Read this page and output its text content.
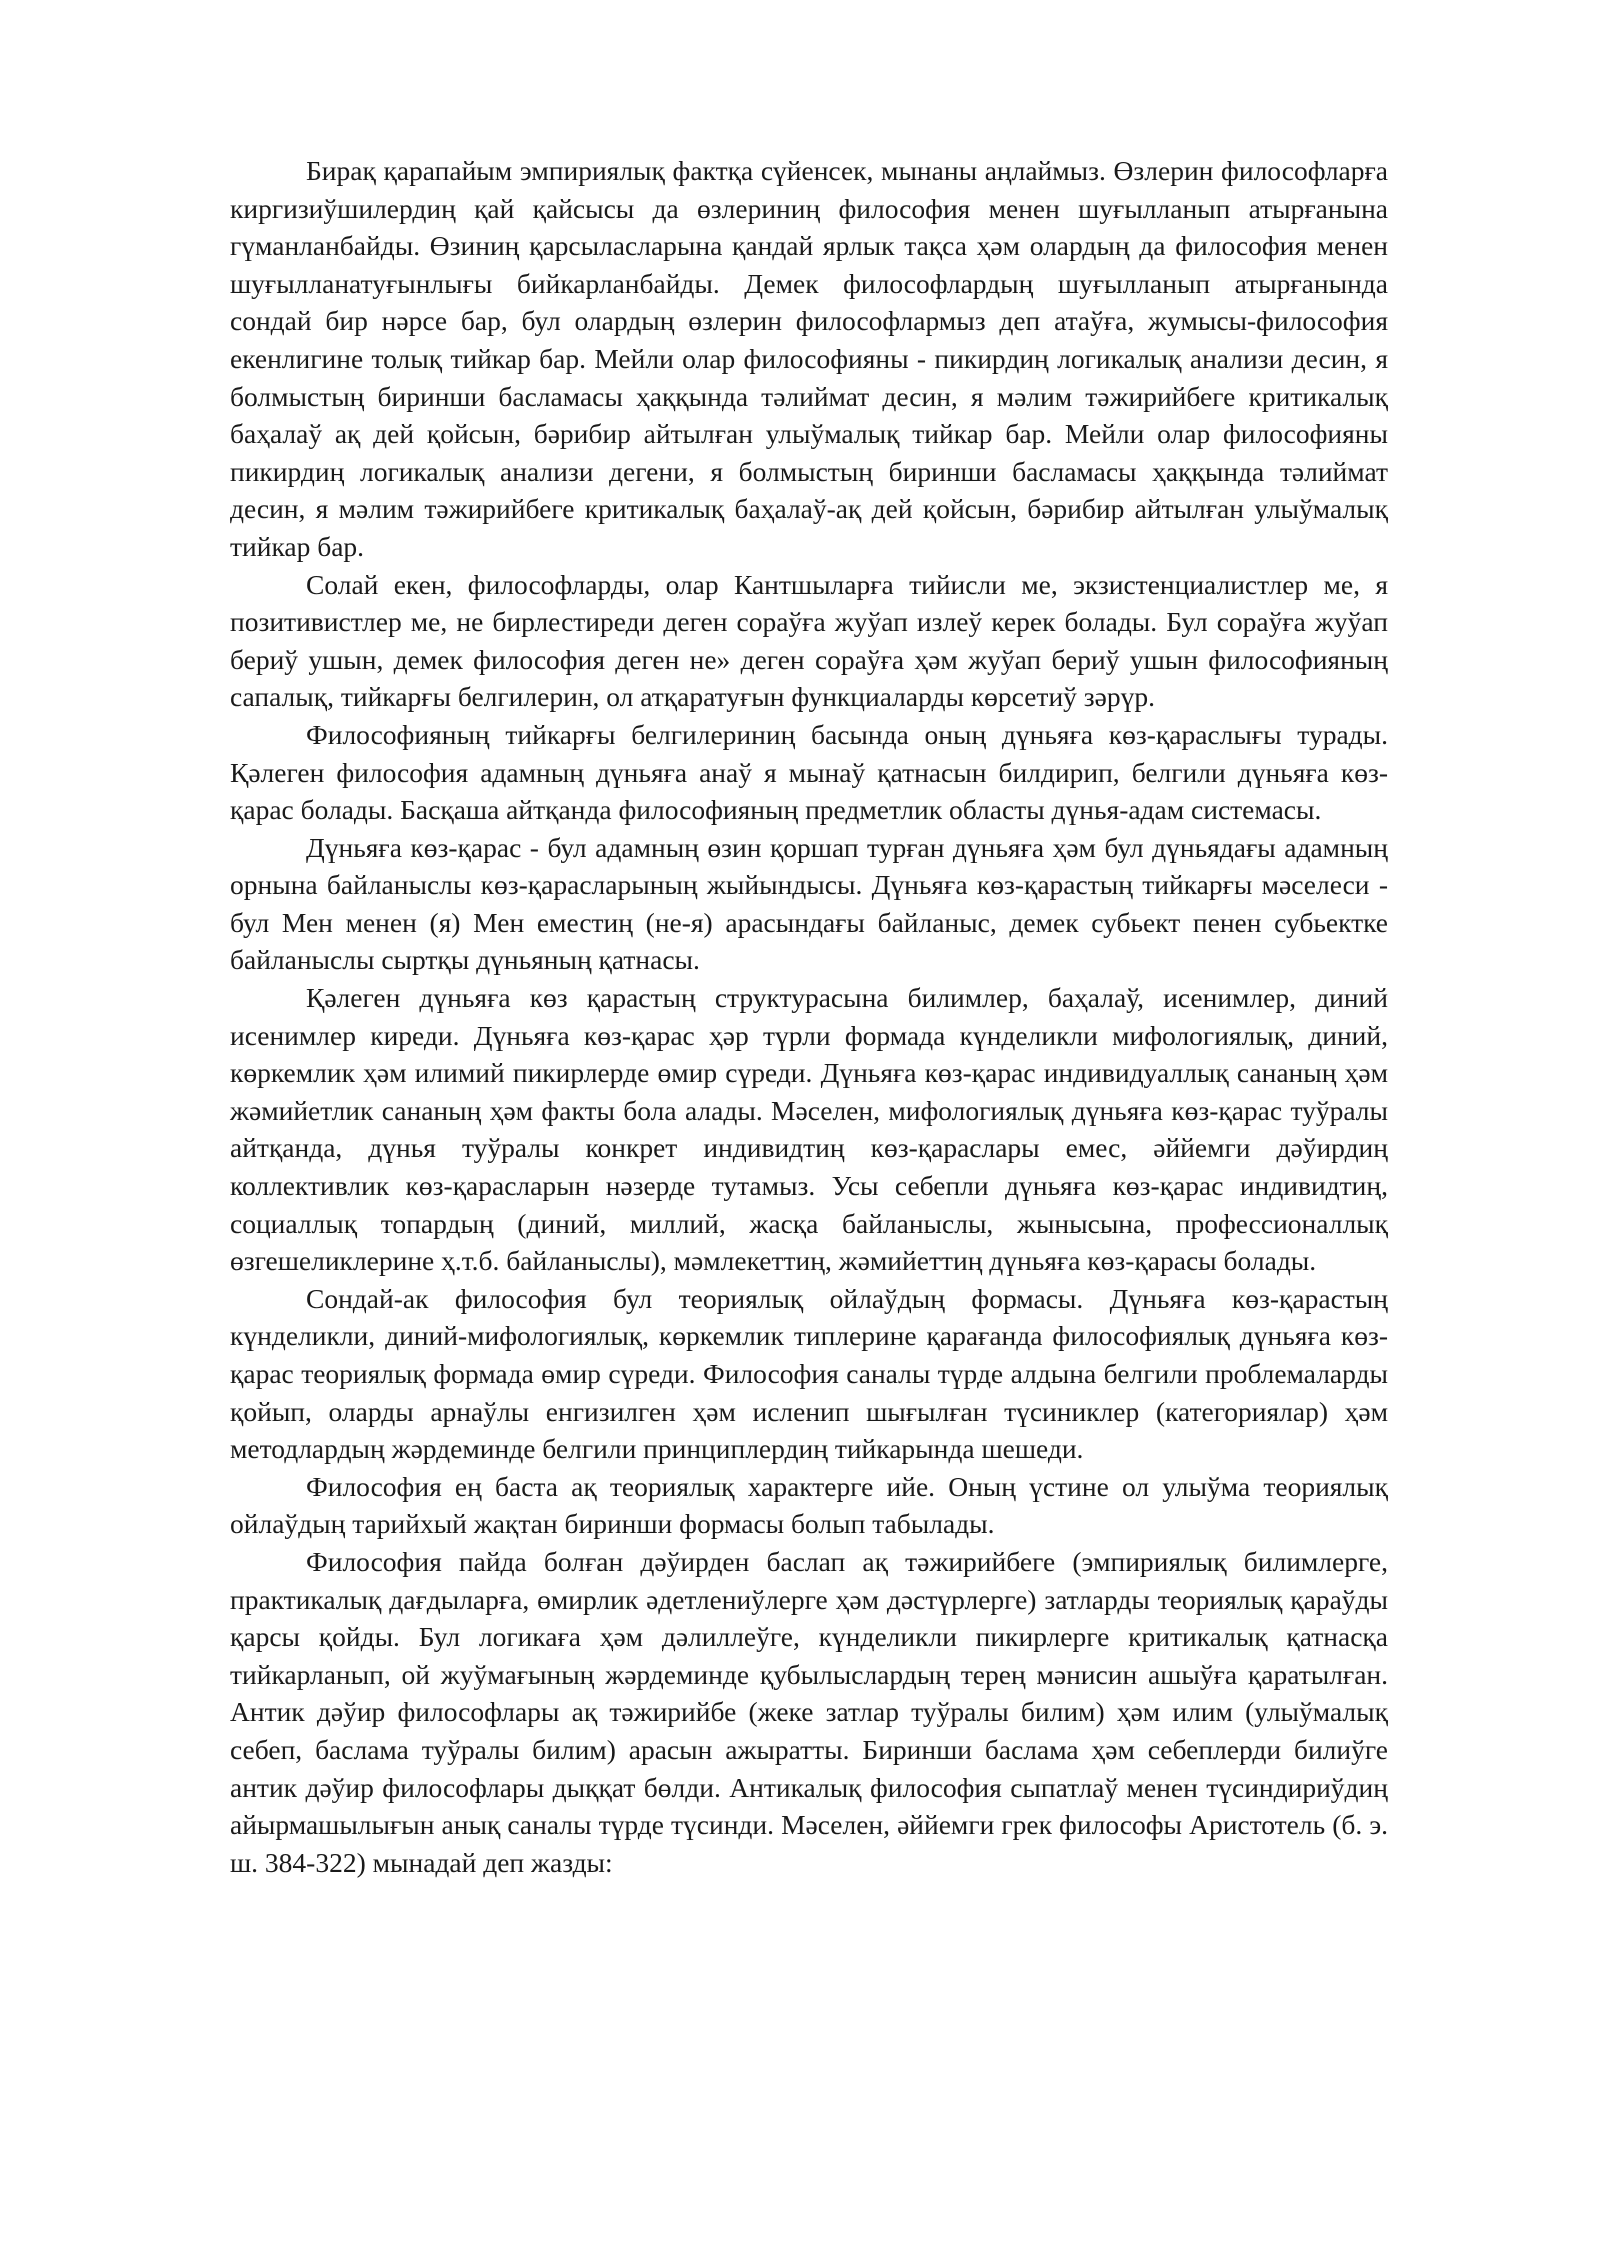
Бирақ қарапайым эмпириялық фактқа сүйенсек, мынаны аңлаймыз. Өзлерин философларға киргизиўшилердиң қай қайсысы да өзлериниң философия менен шуғылланып атырғанына гүманланбайды. Өзиниң қарсыласларына қандай ярлык тақса ҳәм олардың да философия менен шуғылланатуғынлығы бийкарланбайды. Демек философлардың шуғылланып атырғанында сондай бир нәрсе бар, бул олардың өзлерин философлармыз деп атаўға, жумысы-философия екенлигине толық тийкар бар. Мейли олар философияны - пикирдиң логикалық анализи десин, я болмыстың биринши басламасы ҳаққында тәлиймат десин, я мәлим тәжирийбеге критикалық баҳалаў ақ дей қойсын, бәрибир айтылған улыўмалық тийкар бар. Мейли олар философияны пикирдиң логикалық анализи дегени, я болмыстың биринши басламасы ҳаққында тәлиймат десин, я мәлим тәжирийбеге критикалық баҳалаў-ақ дей қойсын, бәрибир айтылған улыўмалық тийкар бар.

Солай екен, философларды, олар Кантшыларға тийисли ме, экзистенциалистлер ме, я позитивистлер ме, не бирлестиреди деген сораўға жуўап излеў керек болады. Бул сораўға жуўап бериў ушын, демек философия деген не» деген сораўға ҳәм жуўап бериў ушын философияның сапалық, тийкарғы белгилерин, ол атқаратуғын функциаларды көрсетиў зәрүр.

Философияның тийкарғы белгилериниң басында оның дүньяға көз-қараслығы турады. Қәлеген философия адамның дүньяға анаў я мынаў қатнасын билдирип, белгили дүньяға көз-қарас болады. Басқаша айтқанда философияның предметлик областы дүнья-адам системасы.

Дүньяға көз-қарас - бул адамның өзин қоршап турған дүньяға ҳәм бул дүньядағы адамның орнына байланыслы көз-қарасларының жыйындысы. Дүньяға көз-қарастың тийкарғы мәселеси - бул Мен менен (я) Мен еместиң (не-я) арасындағы байланыс, демек субьект пенен субьектке байланыслы сыртқы дүньяның қатнасы.

Қәлеген дүньяға көз қарастың структурасына билимлер, баҳалаў, исенимлер, диний исенимлер киреди. Дүньяға көз-қарас ҳәр түрли формада күнделикли мифологиялық, диний, көркемлик ҳәм илимий пикирлерде өмир сүреди. Дүньяға көз-қарас индивидуаллық сананың ҳәм жәмийетлик сананың ҳәм факты бола алады. Мәселен, мифологиялық дүньяға көз-қарас туўралы айтқанда, дүнья туўралы конкрет индивидтиң көз-қараслары емес, әййемги дәўирдиң коллективлик көз-қарасларын нәзерде тутамыз. Усы себепли дүньяға көз-қарас индивидтиң, социаллық топардың (диний, миллий, жасқа байланыслы, жынысына, профессионаллық өзгешеликлерине ҳ.т.б. байланыслы), мәмлекеттиң, жәмийеттиң дүньяға көз-қарасы болады.

Сондай-ак философия бул теориялық ойлаўдың формасы. Дүньяға көз-қарастың күнделикли, диний-мифологиялық, көркемлик типлерине қарағанда философиялық дүньяға көз-қарас теориялық формада өмир сүреди. Философия саналы түрде алдына белгили проблемаларды қойып, оларды арнаўлы енгизилген ҳәм исленип шығылған түсиниклер (категориялар) ҳәм методлардың жәрдеминде белгили принциплердиң тийкарында шешеди.

Философия ең баста ақ теориялық характерге ийе. Оның үстине ол улыўма теориялық ойлаўдың тарийхый жақтан биринши формасы болып табылады.

Философия пайда болған дәўирден баслап ақ тәжирийбеге (эмпириялық билимлерге, практикалық дағдыларға, өмирлик әдетлениўлерге ҳәм дәстүрлерге) затларды теориялық қараўды қарсы қойды. Бул логикаға ҳәм дәлиллеўге, күнделикли пикирлерге критикалық қатнасқа тийкарланып, ой жуўмағының жәрдеминде қубылыслардың терең мәнисин ашыўға қаратылған. Антик дәўир философлары ақ тәжирийбе (жеке затлар туўралы билим) ҳәм илим (улыўмалық себеп, баслама туўралы билим) арасын ажыратты. Биринши баслама ҳәм себеплерди билиўге антик дәўир философлары дыққат бөлди. Антикалық философия сыпатлаў менен түсиндириўдиң айырмашылығын анық саналы түрде түсинди. Мәселен, әййемги грек философы Аристотель (б. э. ш. 384-322) мынадай деп жазды:
